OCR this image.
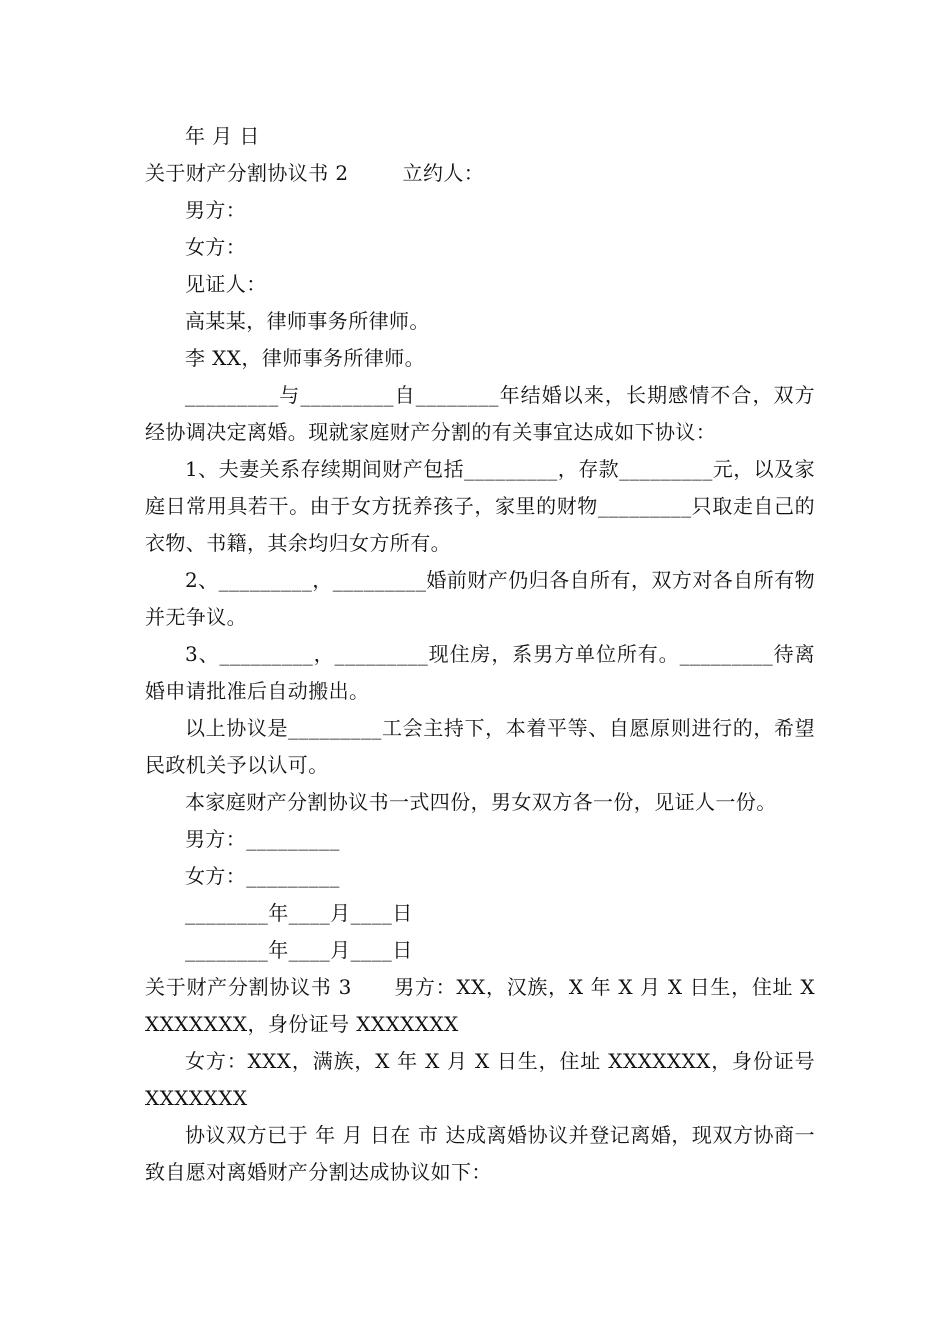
年 月 日

关于财产分割协议书 2        立约人：

男方：

女方：

见证人：

高某某，律师事务所律师。

李 XX，律师事务所律师。

_________与_________自________年结婚以来，长期感情不合，双方经协调决定离婚。现就家庭财产分割的有关事宜达成如下协议：

1、夫妻关系存续期间财产包括_________，存款_________元，以及家庭日常用具若干。由于女方抚养孩子，家里的财物_________只取走自己的衣物、书籍，其余均归女方所有。

2、_________，_________婚前财产仍归各自所有，双方对各自所有物并无争议。

3、_________，_________现住房，系男方单位所有。_________待离婚申请批准后自动搬出。

以上协议是_________工会主持下，本着平等、自愿原则进行的，希望民政机关予以认可。

本家庭财产分割协议书一式四份，男女双方各一份，见证人一份。

男方：_________

女方：_________

________年____月____日

________年____月____日

关于财产分割协议书 3      男方：XX，汉族，X 年 X 月 X 日生，住址 XXXXXXXX，身份证号 XXXXXXX

女方：XXX，满族，X 年 X 月 X 日生，住址 XXXXXXX，身份证号 XXXXXXX

协议双方已于 年 月 日在 市 达成离婚协议并登记离婚，现双方协商一致自愿对离婚财产分割达成协议如下：
